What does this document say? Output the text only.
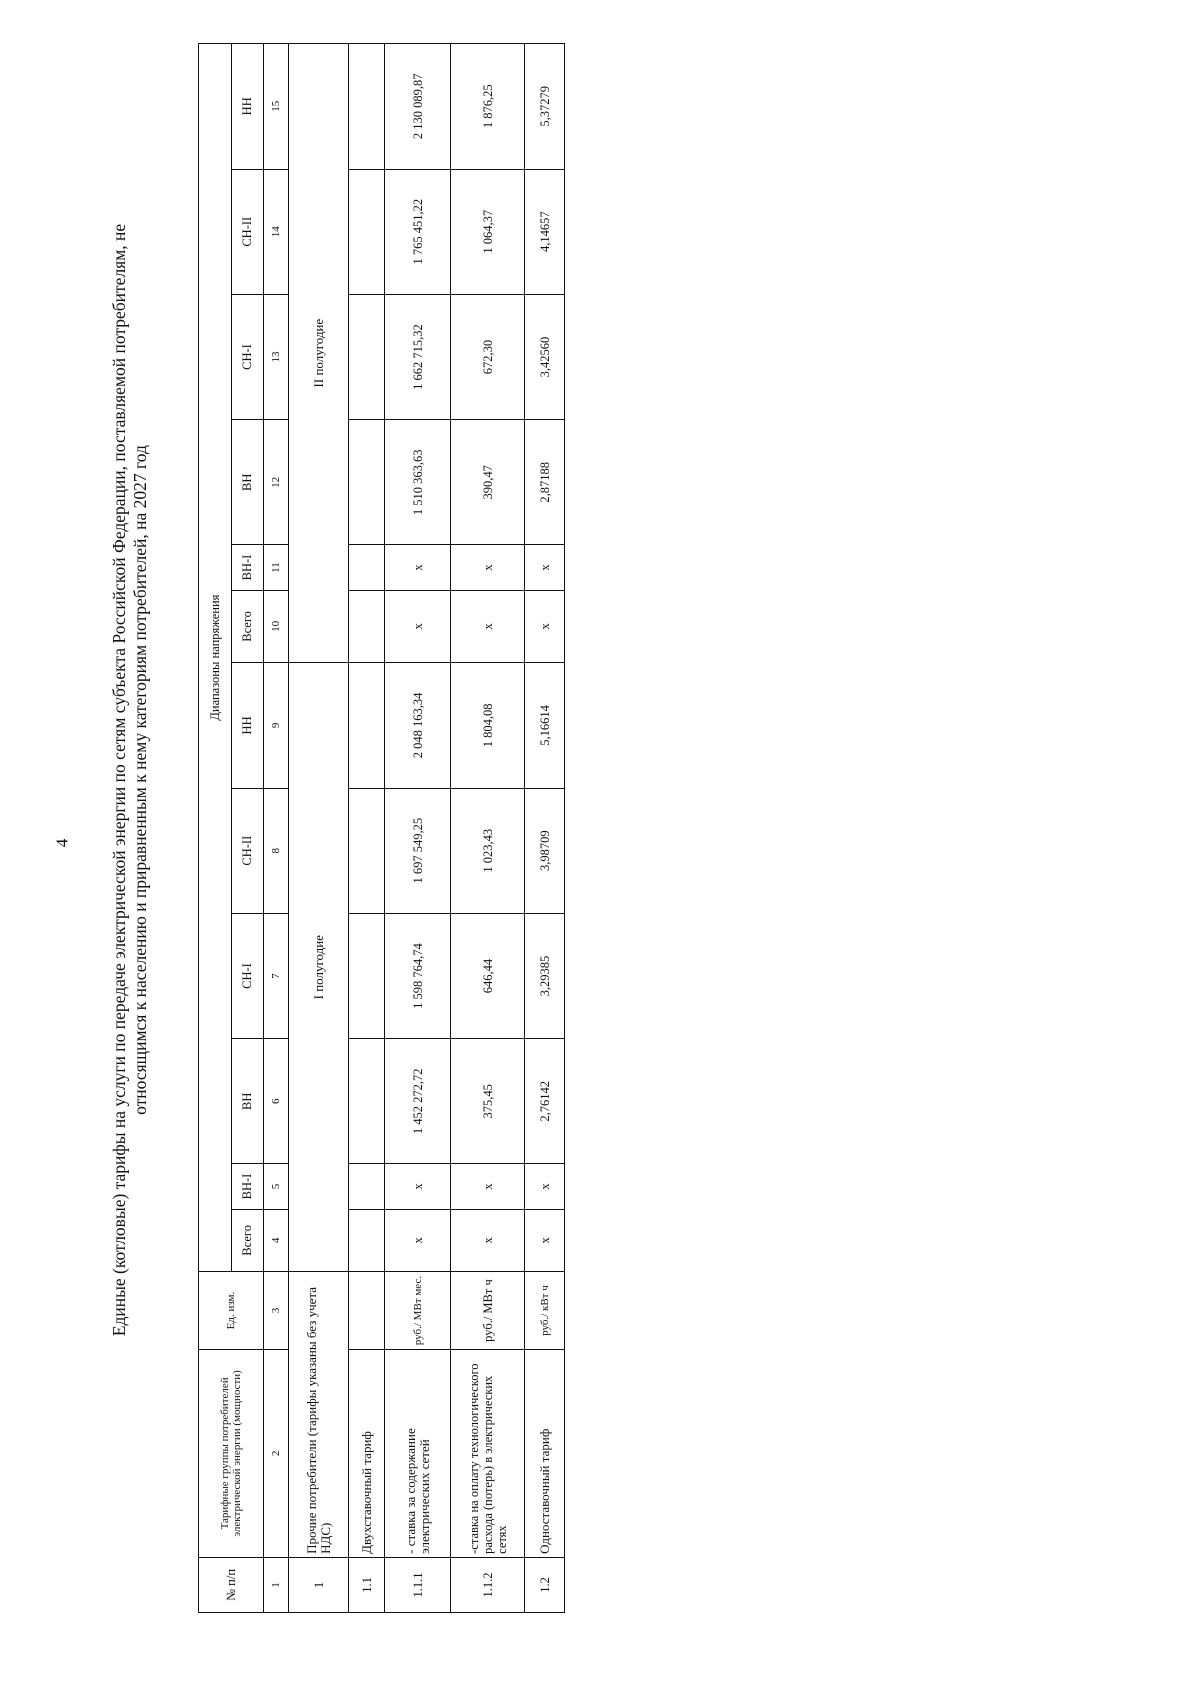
4 Единые (котловые) тарифы на услуги по передаче электрической энергии по сетям субъекта Российской Федерации, поставляемой потребителям, не относящимся к населению и приравненным к нему категориям потребителей, на 2027 год
№ п/п	Тарифные группы потребителей электрической энергии (мощности)	Ед. изм.	Диапазоны напряжения											
			Всего	ВН-I	ВН	СН-I	СН-II	НН	Всего	ВН-I	ВН	СН-I	СН-II	НН
1	2	3	4	5	6	7	8	9	10	11	12	13	14	15
1	Прочие потребители (тарифы указаны без учета НДС)		I полугодие						II полугодие					
1.1	Двухставочный тариф													
1.1.1	- ставка за содержание электрических сетей	руб./ МВт мес.	x	x	1 452 272,72	1 598 764,74	1 697 549,25	2 048 163,34	x	x	1 510 363,63	1 662 715,32	1 765 451,22	2 130 089,87
1.1.2	-ставка на оплату технологического расхода (потерь) в электрических сетях	руб./ МВт ч	x	x	375,45	646,44	1 023,43	1 804,08	x	x	390,47	672,30	1 064,37	1 876,25
1.2	Одноставочный тариф	руб./ кВт ч	x	x	2,76142	3,29385	3,98709	5,16614	x	x	2,87188	3,42560	4,14657	5,37279
